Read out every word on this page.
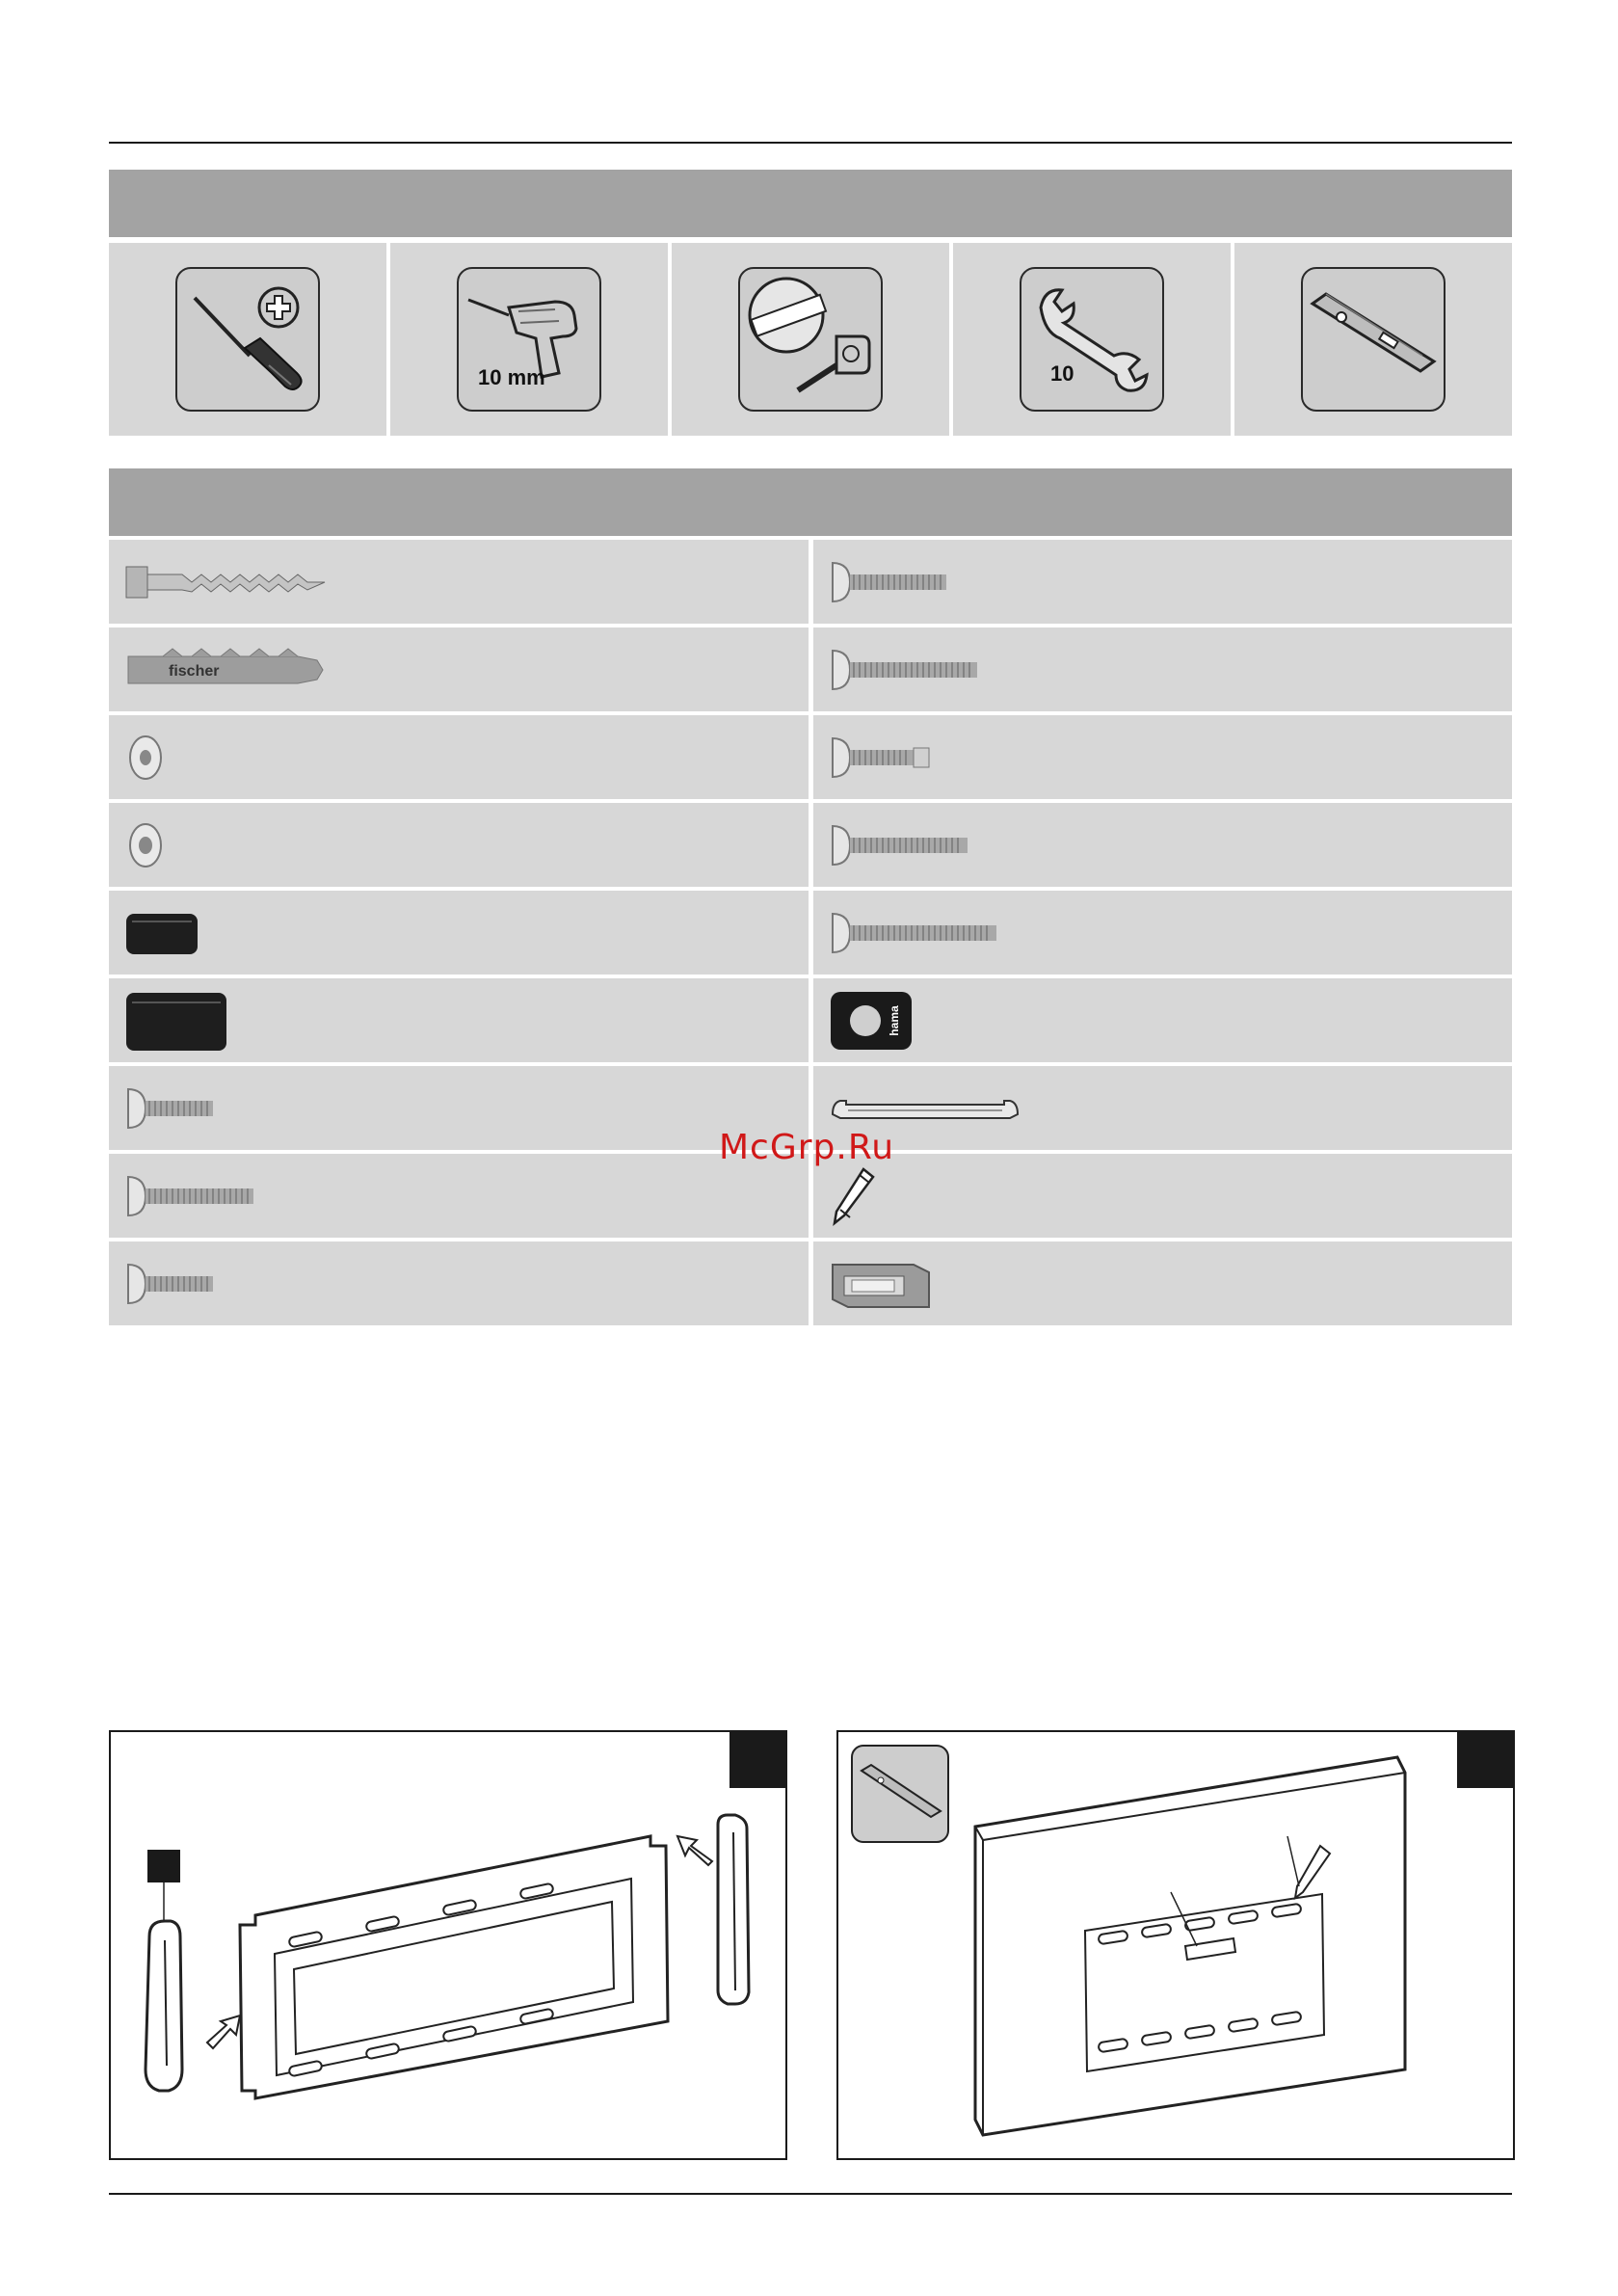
10 mm	10
fischer
hama
McGrp.Ru
